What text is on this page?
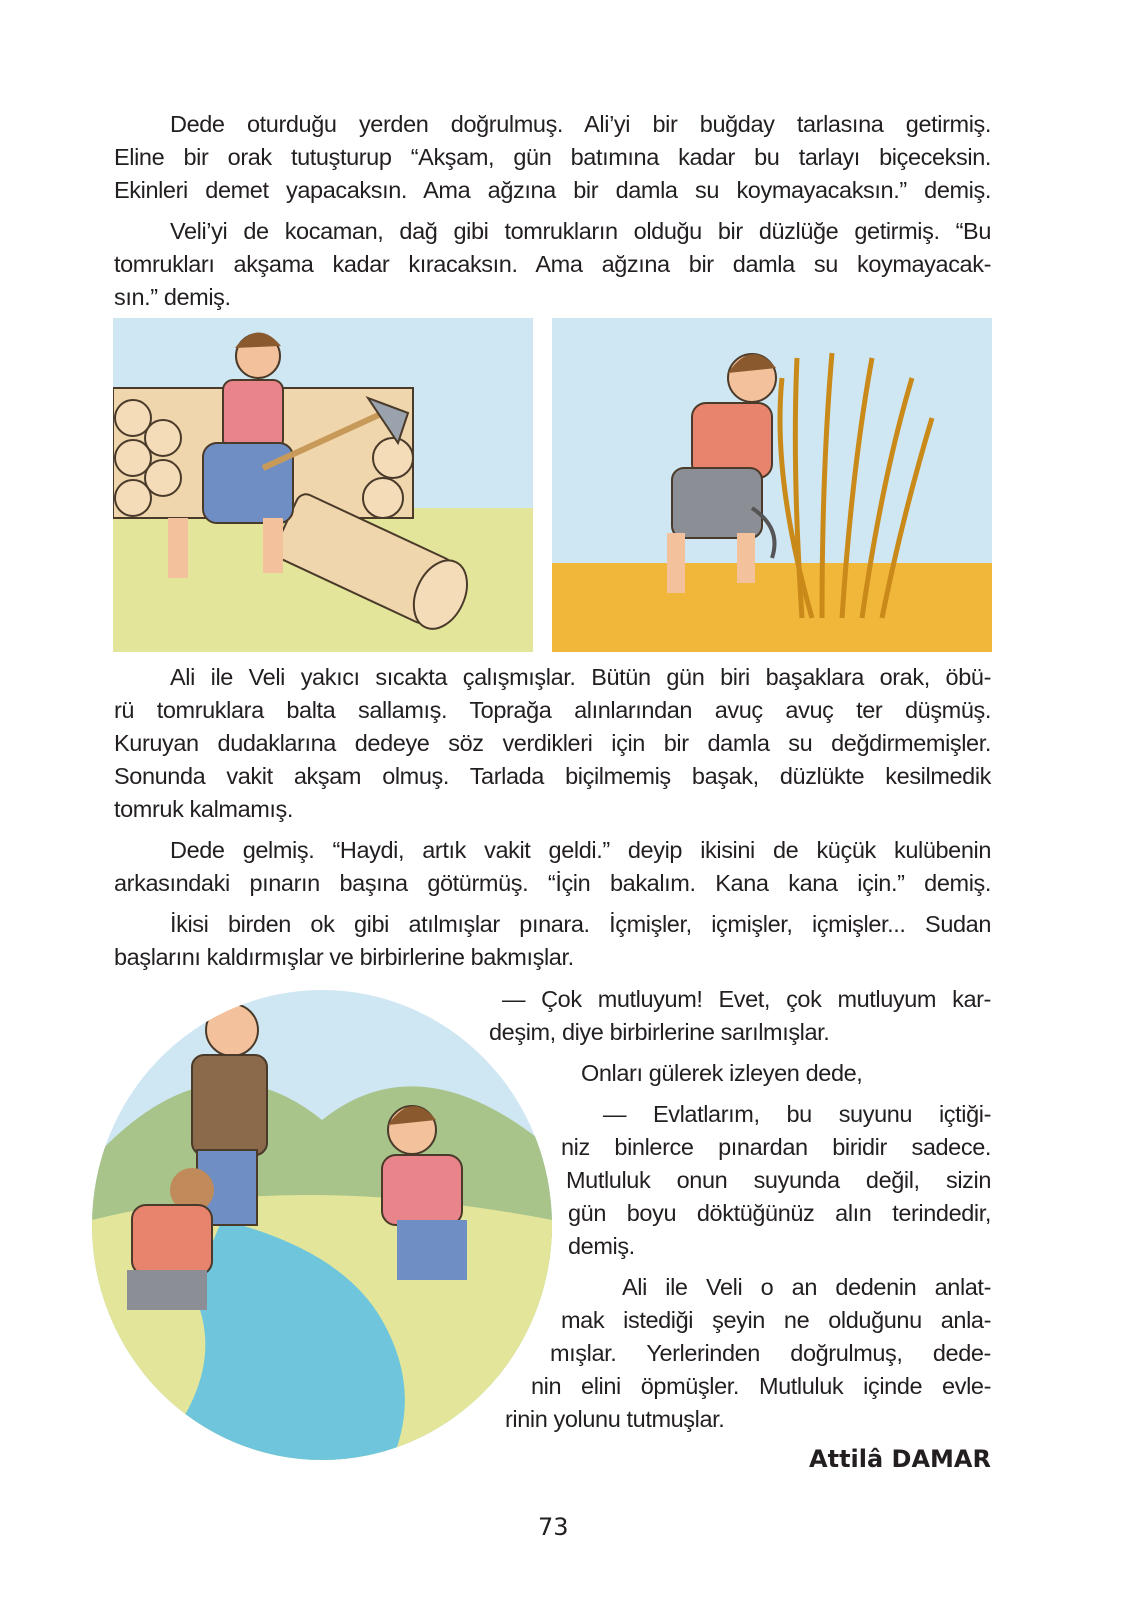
Dede oturduğu yerden doğrulmuş. Ali’yi bir buğday tarlasına getirmiş.
Eline bir orak tutuşturup “Akşam, gün batımına kadar bu tarlayı biçeceksin.
Ekinleri demet yapacaksın. Ama ağzına bir damla su koymayacaksın.” demiş.
Veli’yi de kocaman, dağ gibi tomrukların olduğu bir düzlüğe getirmiş. “Bu
tomrukları akşama kadar kıracaksın. Ama ağzına bir damla su koymayacak-
sın.” demiş.
Ali ile Veli yakıcı sıcakta çalışmışlar. Bütün gün biri başaklara orak, öbü-
rü tomruklara balta sallamış. Toprağa alınlarından avuç avuç ter düşmüş.
Kuruyan dudaklarına dedeye söz verdikleri için bir damla su değdirmemişler.
Sonunda vakit akşam olmuş. Tarlada biçilmemiş başak, düzlükte kesilmedik
tomruk kalmamış.
Dede gelmiş. “Haydi, artık vakit geldi.” deyip ikisini de küçük kulübenin
arkasındaki pınarın başına götürmüş. “İçin bakalım. Kana kana için.” demiş.
İkisi birden ok gibi atılmışlar pınara. İçmişler, içmişler, içmişler... Sudan
başlarını kaldırmışlar ve birbirlerine bakmışlar.
— Çok mutluyum! Evet, çok mutluyum kar-
deşim, diye birbirlerine sarılmışlar.
Onları gülerek izleyen dede,
— Evlatlarım, bu suyunu içtiği-
niz binlerce pınardan biridir sadece.
Mutluluk onun suyunda değil, sizin
gün boyu döktüğünüz alın terindedir,
demiş.
Ali ile Veli o an dedenin anlat-
mak istediği şeyin ne olduğunu anla-
mışlar. Yerlerinden doğrulmuş, dede-
nin elini öpmüşler. Mutluluk içinde evle-
rinin yolunu tutmuşlar.
Attilâ DAMAR
73
